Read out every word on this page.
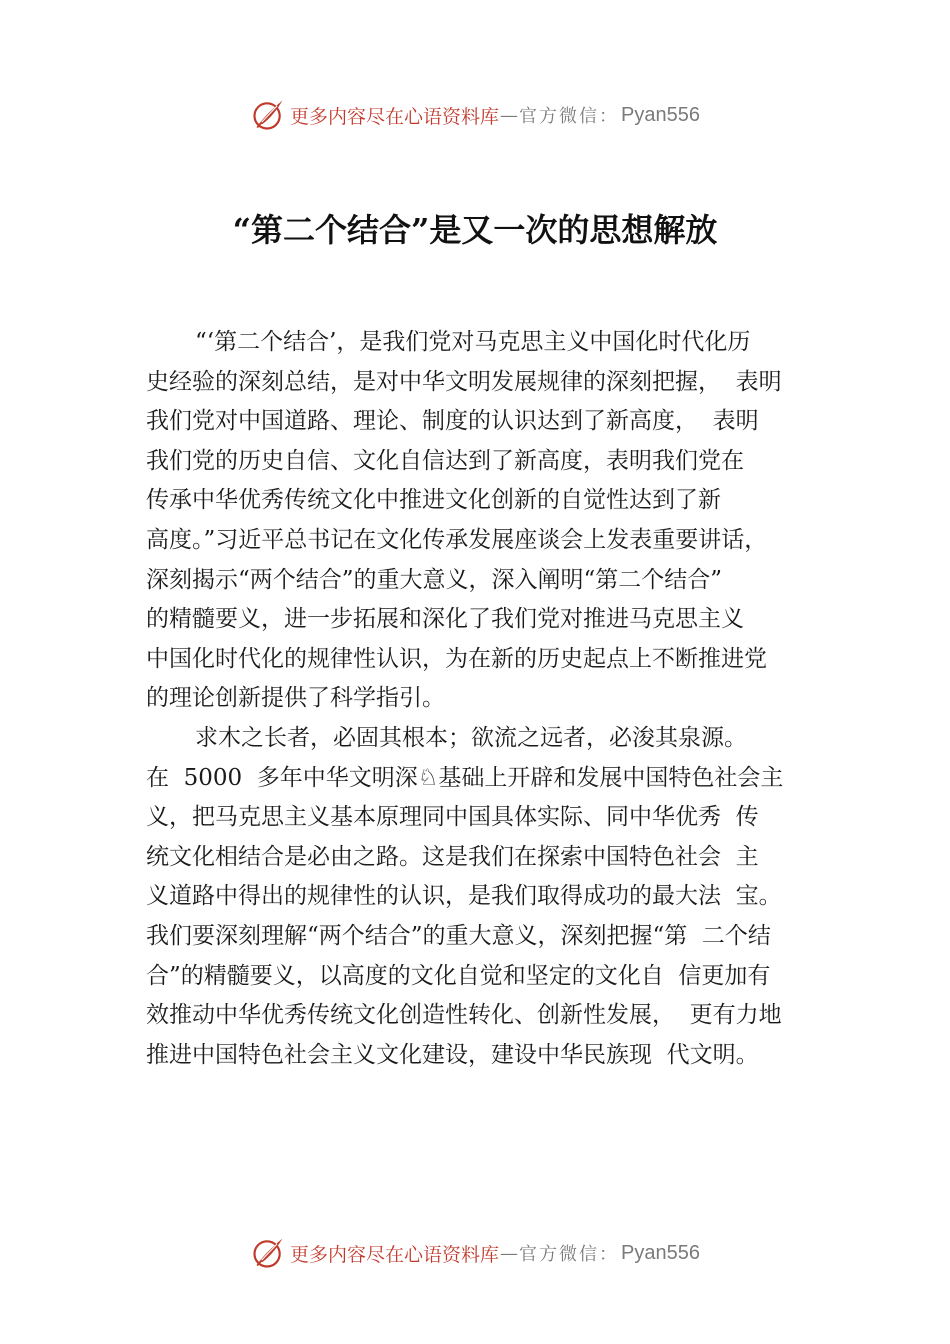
更多内容尽在心语资料库 — 官方微信： Pyan556
“第二个结合”是又一次的思想解放
“‘第二个结合’，是我们党对马克思主义中国化时代化历
史经验的深刻总结，是对中华文明发展规律的深刻把握，  表明
我们党对中国道路、理论、制度的认识达到了新高度，  表明
我们党的历史自信、文化自信达到了新高度，表明我们党在
传承中华优秀传统文化中推进文化创新的自觉性达到了新
高度。”习近平总书记在文化传承发展座谈会上发表重要讲话，
深刻揭示“两个结合”的重大意义，深入阐明“第二个结合”
的精髓要义，进一步拓展和深化了我们党对推进马克思主义
中国化时代化的规律性认识，为在新的历史起点上不断推进党
的理论创新提供了科学指引。
求木之长者，必固其根本；欲流之远者，必浚其泉源。
在  5000  多年中华文明深♘基础上开辟和发展中国特色社会主
义，把马克思主义基本原理同中国具体实际、同中华优秀  传
统文化相结合是必由之路。这是我们在探索中国特色社会  主
义道路中得出的规律性的认识，是我们取得成功的最大法  宝。
我们要深刻理解“两个结合”的重大意义，深刻把握“第  二个结
合”的精髓要义，以高度的文化自觉和坚定的文化自  信更加有
效推动中华优秀传统文化创造性转化、创新性发展，  更有力地
推进中国特色社会主义文化建设，建设中华民族现  代文明。
更多内容尽在心语资料库 — 官方微信： Pyan556
